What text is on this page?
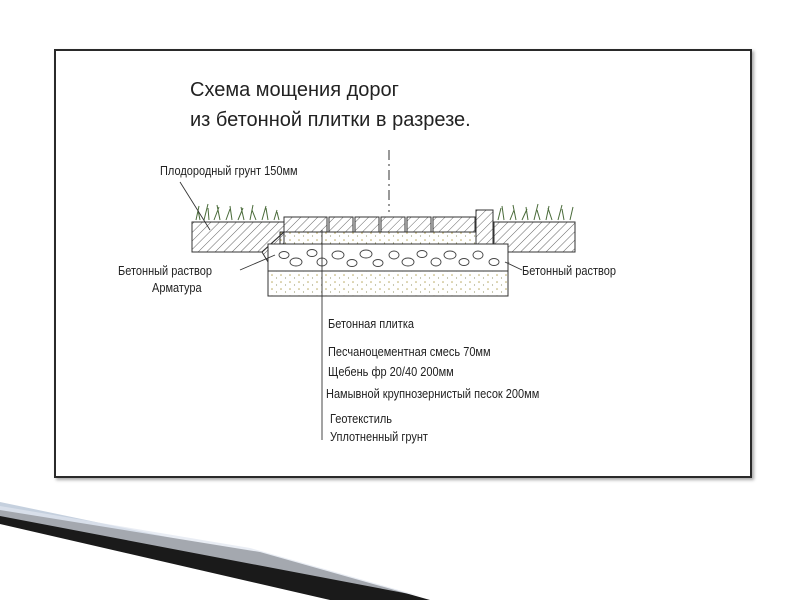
Схема мощения дорог
из бетонной плитки в разрезе.
Плодородный грунт 150мм
Бетонный раствор
Арматура
Бетонный раствор
Бетонная плитка
Песчаноцементная смесь 70мм
Щебень фр 20/40 200мм
Намывной крупнозернистый песок 200мм
Геотекстиль
Уплотненный грунт
